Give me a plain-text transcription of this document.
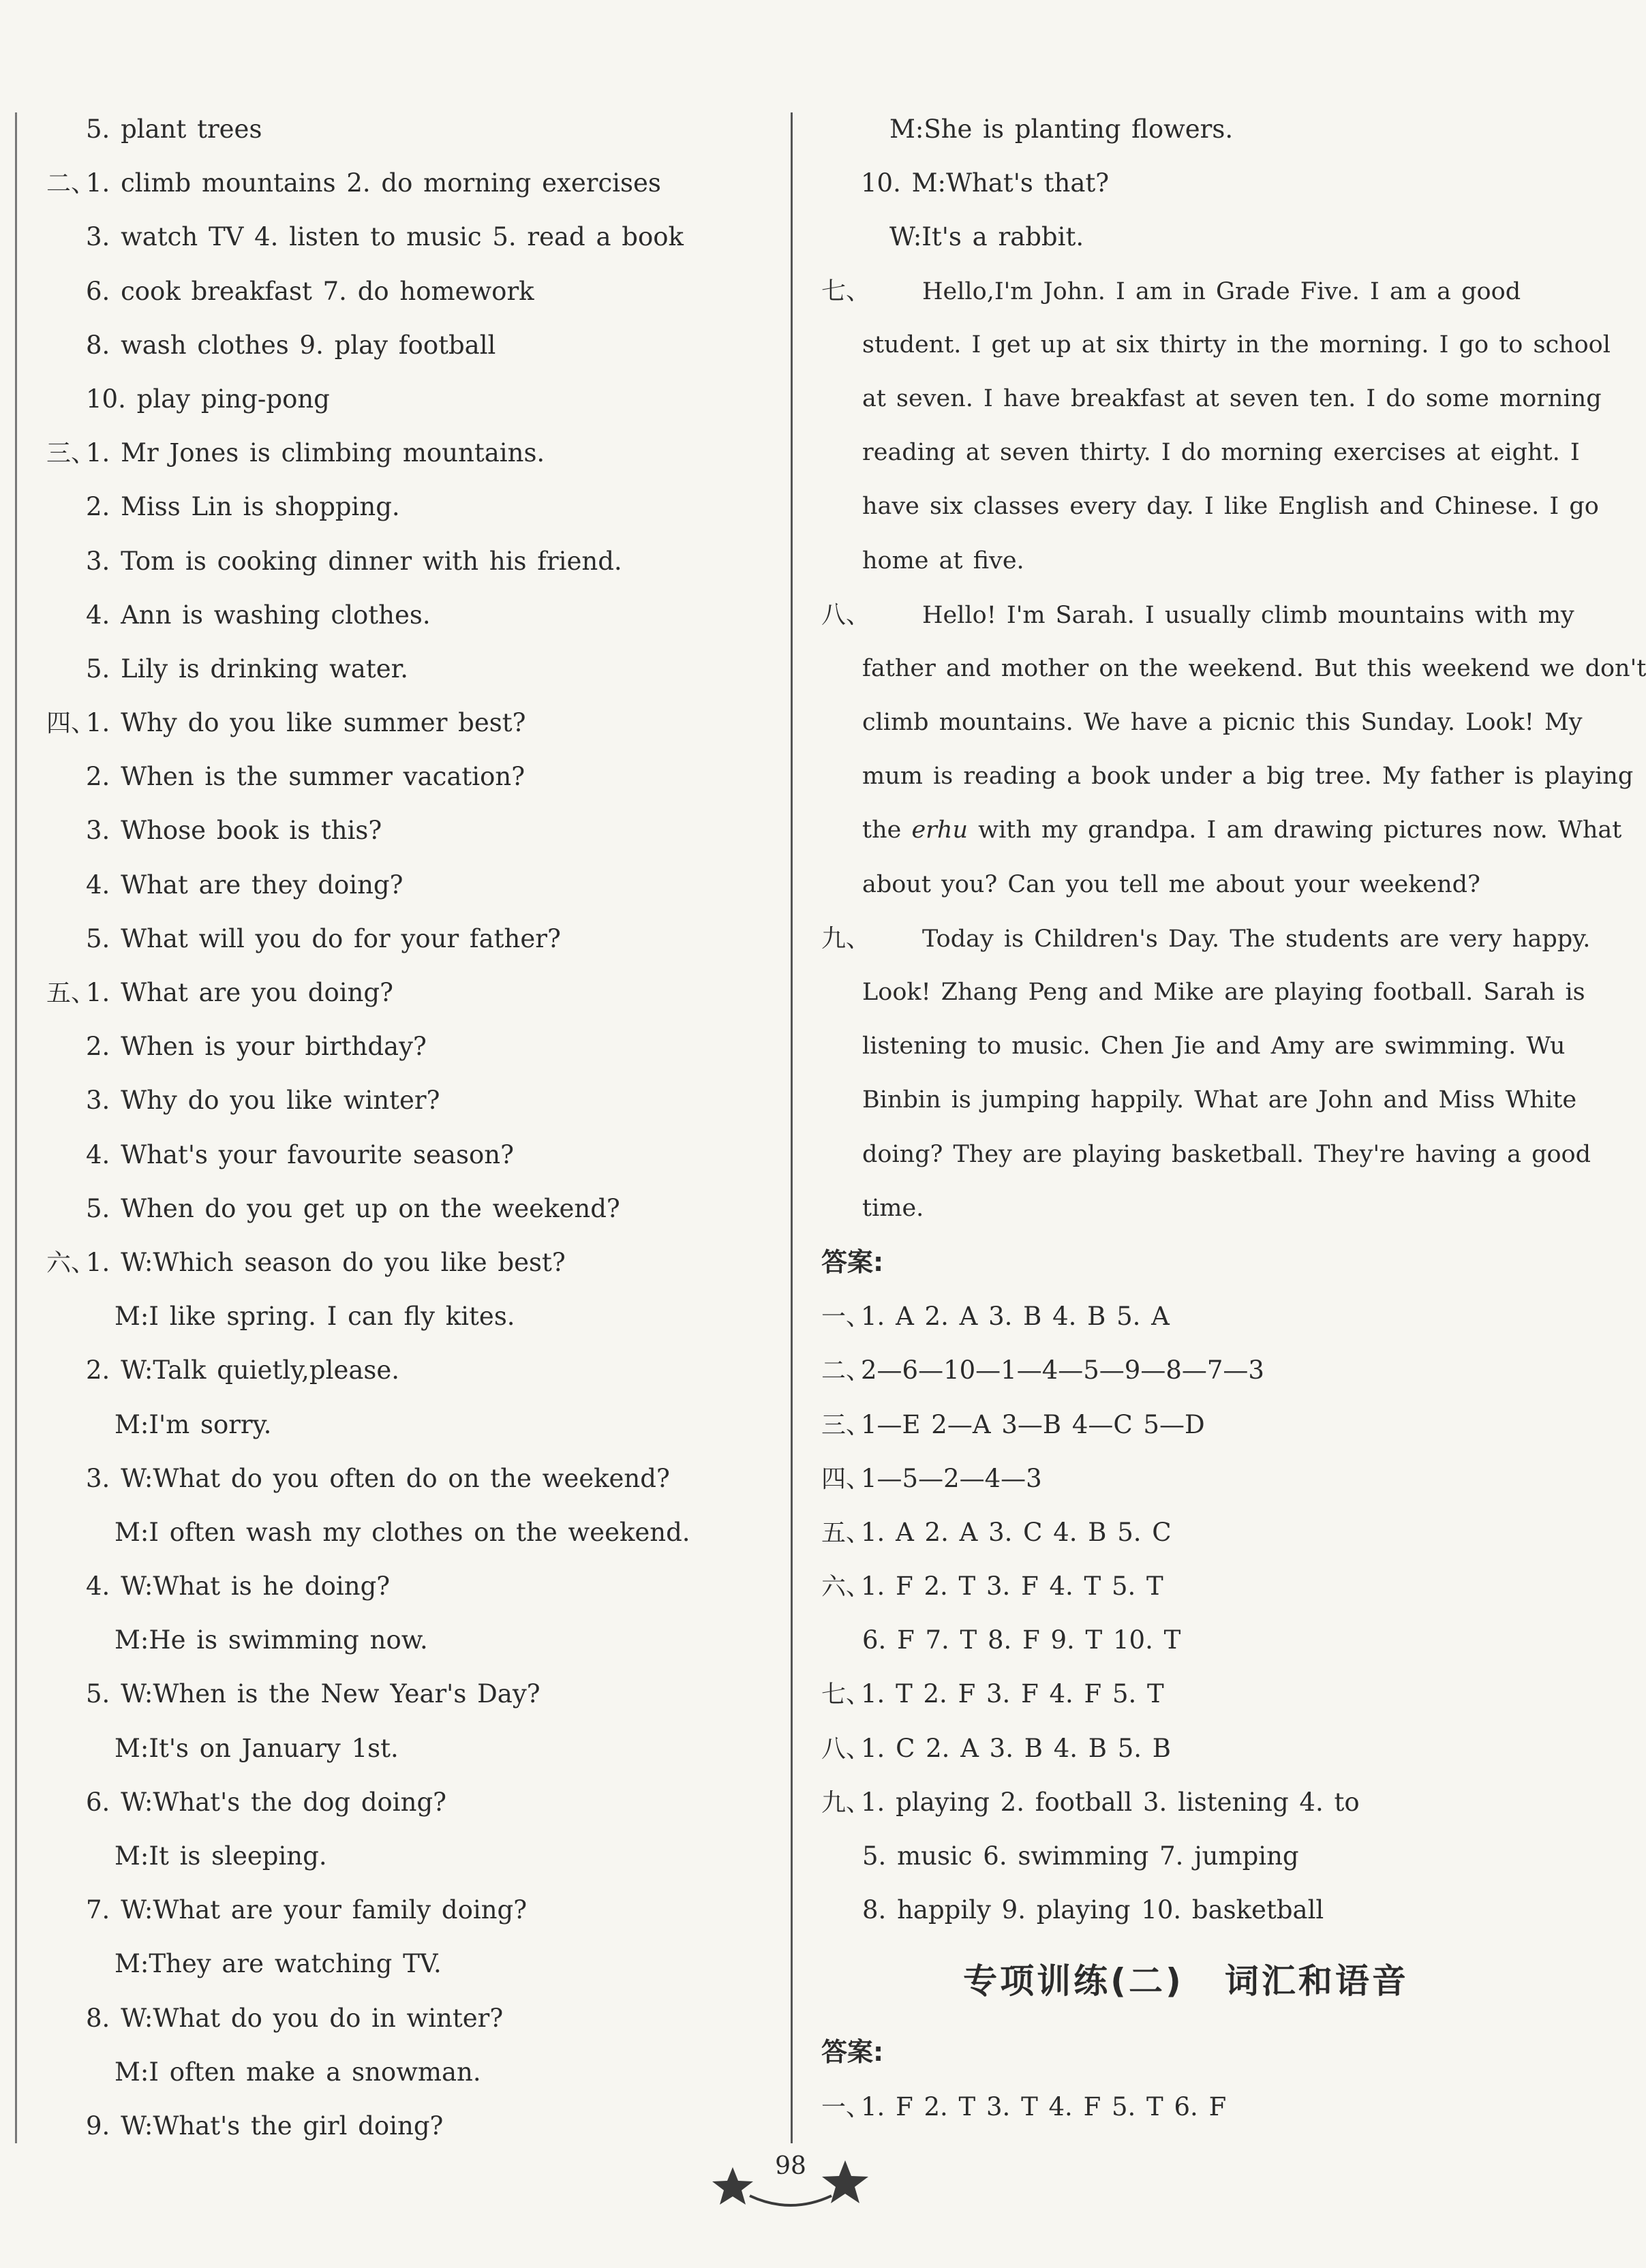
5. plant trees
二、1. climb mountains 2. do morning exercises
3. watch TV 4. listen to music 5. read a book
6. cook breakfast 7. do homework
8. wash clothes 9. play football
10. play ping-pong
三、1. Mr Jones is climbing mountains.
2. Miss Lin is shopping.
3. Tom is cooking dinner with his friend.
4. Ann is washing clothes.
5. Lily is drinking water.
四、1. Why do you like summer best?
2. When is the summer vacation?
3. Whose book is this?
4. What are they doing?
5. What will you do for your father?
五、1. What are you doing?
2. When is your birthday?
3. Why do you like winter?
4. What's your favourite season?
5. When do you get up on the weekend?
六、1. W:Which season do you like best?
M:I like spring. I can fly kites.
2. W:Talk quietly,please.
M:I'm sorry.
3. W:What do you often do on the weekend?
M:I often wash my clothes on the weekend.
4. W:What is he doing?
M:He is swimming now.
5. W:When is the New Year's Day?
M:It's on January 1st.
6. W:What's the dog doing?
M:It is sleeping.
7. W:What are your family doing?
M:They are watching TV.
8. W:What do you do in winter?
M:I often make a snowman.
9. W:What's the girl doing?
M:She is planting flowers.
10. M:What's that?
W:It's a rabbit.
七、 Hello,I'm John. I am in Grade Five. I am a good
student. I get up at six thirty in the morning. I go to school
at seven. I have breakfast at seven ten. I do some morning
reading at seven thirty. I do morning exercises at eight. I
have six classes every day. I like English and Chinese. I go
home at five.
八、 Hello! I'm Sarah. I usually climb mountains with my
father and mother on the weekend. But this weekend we don't
climb mountains. We have a picnic this Sunday. Look! My
mum is reading a book under a big tree. My father is playing
the erhu with my grandpa. I am drawing pictures now. What
about you? Can you tell me about your weekend?
九、 Today is Children's Day. The students are very happy.
Look! Zhang Peng and Mike are playing football. Sarah is
listening to music. Chen Jie and Amy are swimming. Wu
Binbin is jumping happily. What are John and Miss White
doing? They are playing basketball. They're having a good
time.
答案:
一、1. A 2. A 3. B 4. B 5. A
二、2—6—10—1—4—5—9—8—7—3
三、1—E 2—A 3—B 4—C 5—D
四、1—5—2—4—3
五、1. A 2. A 3. C 4. B 5. C
六、1. F 2. T 3. F 4. T 5. T
6. F 7. T 8. F 9. T 10. T
七、1. T 2. F 3. F 4. F 5. T
八、1. C 2. A 3. B 4. B 5. B
九、1. playing 2. football 3. listening 4. to
5. music 6. swimming 7. jumping
8. happily 9. playing 10. basketball
专项训练(二) 词汇和语音
答案:
一、1. F 2. T 3. T 4. F 5. T 6. F
98
